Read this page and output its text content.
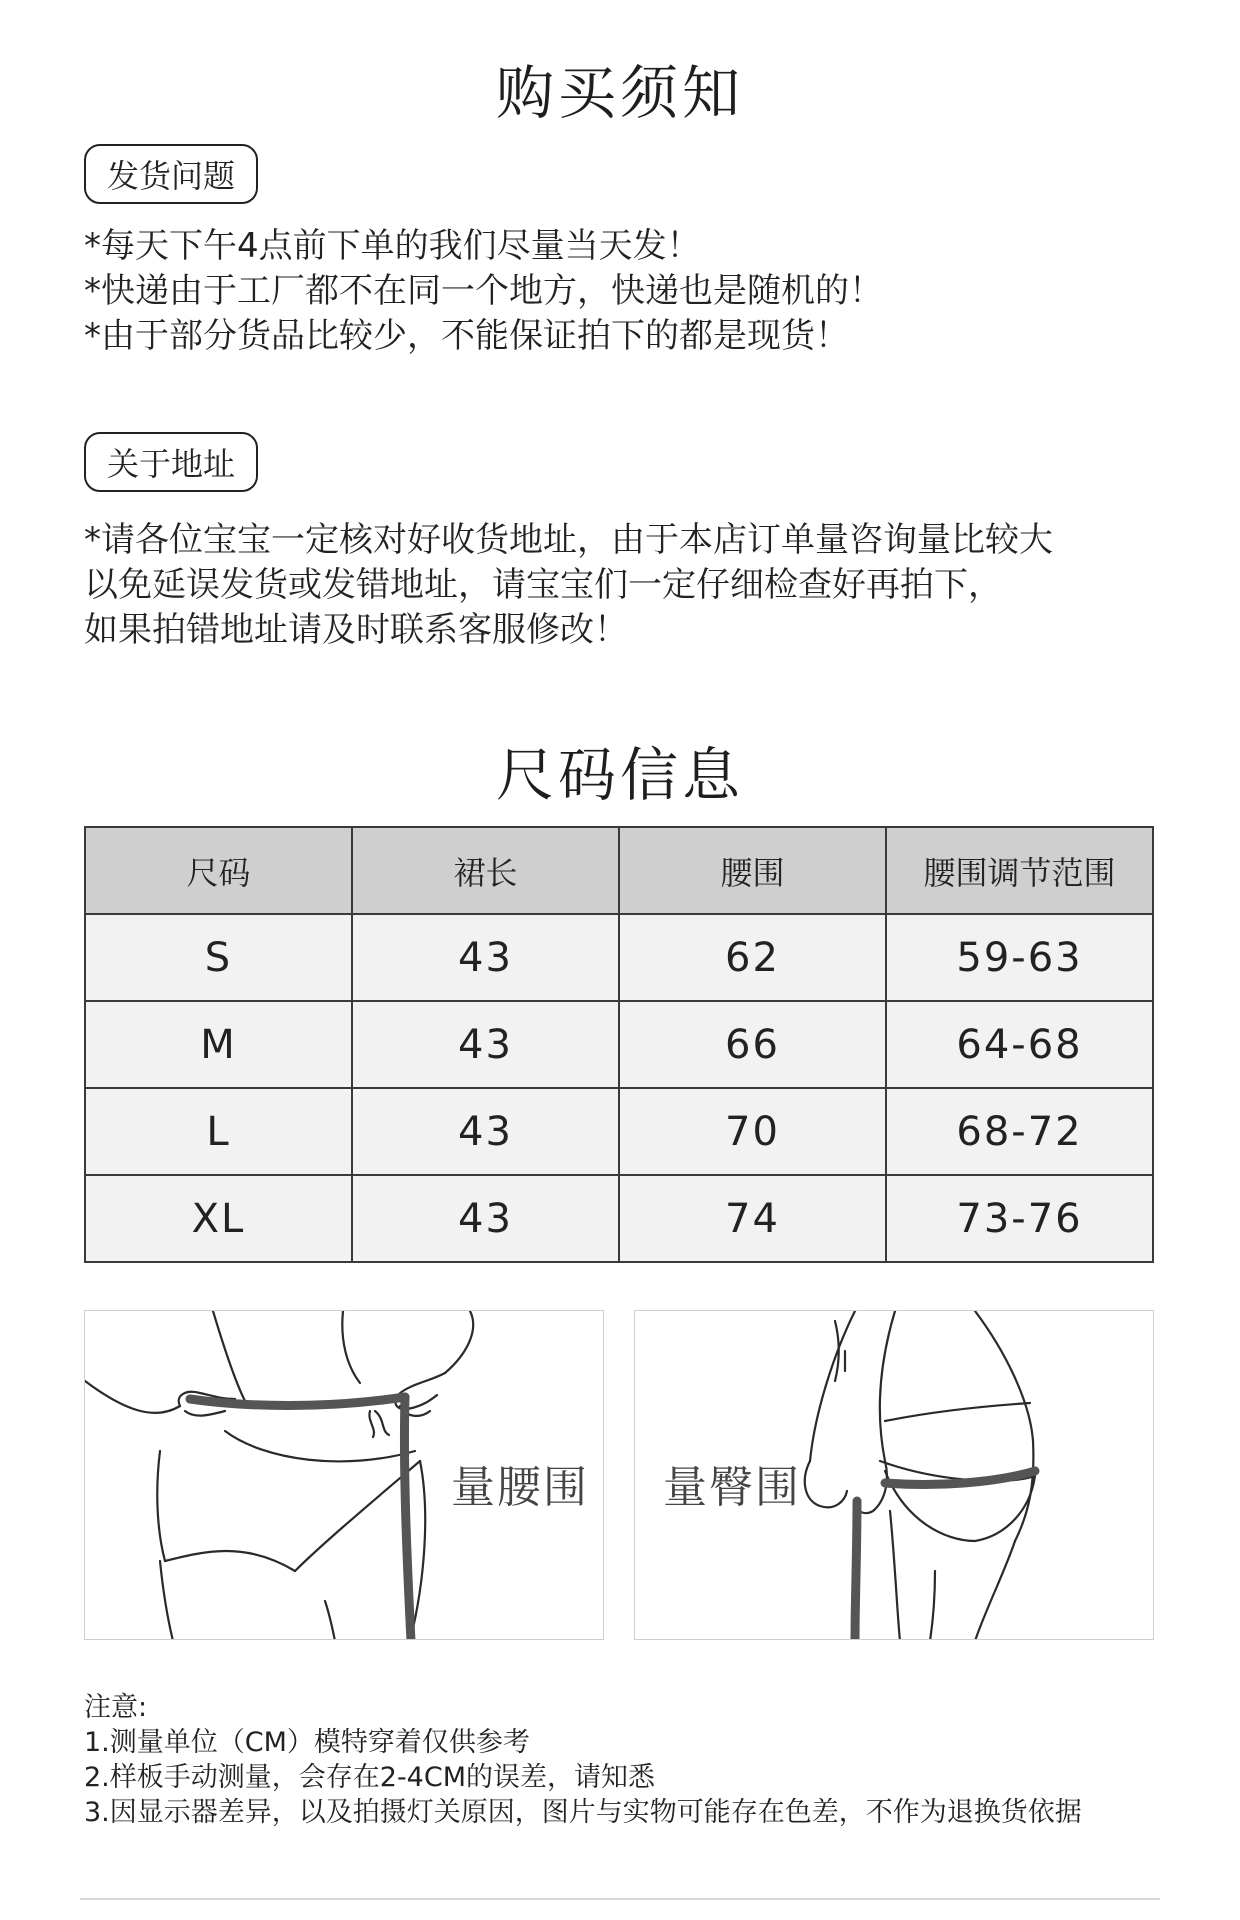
购买须知
发货问题
*每天下午4点前下单的我们尽量当天发！
*快递由于工厂都不在同一个地方，快递也是随机的！
*由于部分货品比较少，不能保证拍下的都是现货！
关于地址
*请各位宝宝一定核对好收货地址，由于本店订单量咨询量比较大
以免延误发货或发错地址，请宝宝们一定仔细检查好再拍下，
如果拍错地址请及时联系客服修改！
尺码信息
尺码	裙长	腰围	腰围调节范围
S	43	62	59-63
M	43	66	64-68
L	43	70	68-72
XL	43	74	73-76
量腰围 量臀围
注意:
1.测量单位（CM）模特穿着仅供参考
2.样板手动测量，会存在2-4CM的误差，请知悉
3.因显示器差异，以及拍摄灯关原因，图片与实物可能存在色差，不作为退换货依据
